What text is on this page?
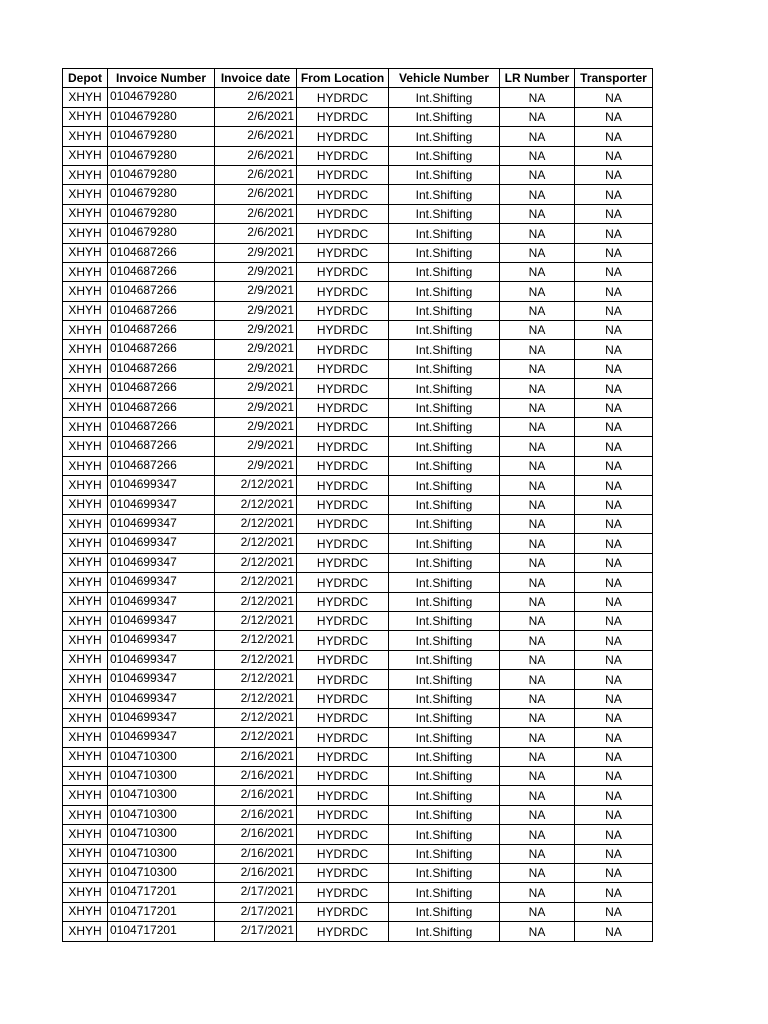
Depot	Invoice Number	Invoice date	From Location	Vehicle Number	LR Number	Transporter
XHYH	0104679280	2/6/2021	HYDRDC	Int.Shifting	NA	NA
XHYH	0104679280	2/6/2021	HYDRDC	Int.Shifting	NA	NA
XHYH	0104679280	2/6/2021	HYDRDC	Int.Shifting	NA	NA
XHYH	0104679280	2/6/2021	HYDRDC	Int.Shifting	NA	NA
XHYH	0104679280	2/6/2021	HYDRDC	Int.Shifting	NA	NA
XHYH	0104679280	2/6/2021	HYDRDC	Int.Shifting	NA	NA
XHYH	0104679280	2/6/2021	HYDRDC	Int.Shifting	NA	NA
XHYH	0104679280	2/6/2021	HYDRDC	Int.Shifting	NA	NA
XHYH	0104687266	2/9/2021	HYDRDC	Int.Shifting	NA	NA
XHYH	0104687266	2/9/2021	HYDRDC	Int.Shifting	NA	NA
XHYH	0104687266	2/9/2021	HYDRDC	Int.Shifting	NA	NA
XHYH	0104687266	2/9/2021	HYDRDC	Int.Shifting	NA	NA
XHYH	0104687266	2/9/2021	HYDRDC	Int.Shifting	NA	NA
XHYH	0104687266	2/9/2021	HYDRDC	Int.Shifting	NA	NA
XHYH	0104687266	2/9/2021	HYDRDC	Int.Shifting	NA	NA
XHYH	0104687266	2/9/2021	HYDRDC	Int.Shifting	NA	NA
XHYH	0104687266	2/9/2021	HYDRDC	Int.Shifting	NA	NA
XHYH	0104687266	2/9/2021	HYDRDC	Int.Shifting	NA	NA
XHYH	0104687266	2/9/2021	HYDRDC	Int.Shifting	NA	NA
XHYH	0104687266	2/9/2021	HYDRDC	Int.Shifting	NA	NA
XHYH	0104699347	2/12/2021	HYDRDC	Int.Shifting	NA	NA
XHYH	0104699347	2/12/2021	HYDRDC	Int.Shifting	NA	NA
XHYH	0104699347	2/12/2021	HYDRDC	Int.Shifting	NA	NA
XHYH	0104699347	2/12/2021	HYDRDC	Int.Shifting	NA	NA
XHYH	0104699347	2/12/2021	HYDRDC	Int.Shifting	NA	NA
XHYH	0104699347	2/12/2021	HYDRDC	Int.Shifting	NA	NA
XHYH	0104699347	2/12/2021	HYDRDC	Int.Shifting	NA	NA
XHYH	0104699347	2/12/2021	HYDRDC	Int.Shifting	NA	NA
XHYH	0104699347	2/12/2021	HYDRDC	Int.Shifting	NA	NA
XHYH	0104699347	2/12/2021	HYDRDC	Int.Shifting	NA	NA
XHYH	0104699347	2/12/2021	HYDRDC	Int.Shifting	NA	NA
XHYH	0104699347	2/12/2021	HYDRDC	Int.Shifting	NA	NA
XHYH	0104699347	2/12/2021	HYDRDC	Int.Shifting	NA	NA
XHYH	0104699347	2/12/2021	HYDRDC	Int.Shifting	NA	NA
XHYH	0104710300	2/16/2021	HYDRDC	Int.Shifting	NA	NA
XHYH	0104710300	2/16/2021	HYDRDC	Int.Shifting	NA	NA
XHYH	0104710300	2/16/2021	HYDRDC	Int.Shifting	NA	NA
XHYH	0104710300	2/16/2021	HYDRDC	Int.Shifting	NA	NA
XHYH	0104710300	2/16/2021	HYDRDC	Int.Shifting	NA	NA
XHYH	0104710300	2/16/2021	HYDRDC	Int.Shifting	NA	NA
XHYH	0104710300	2/16/2021	HYDRDC	Int.Shifting	NA	NA
XHYH	0104717201	2/17/2021	HYDRDC	Int.Shifting	NA	NA
XHYH	0104717201	2/17/2021	HYDRDC	Int.Shifting	NA	NA
XHYH	0104717201	2/17/2021	HYDRDC	Int.Shifting	NA	NA
